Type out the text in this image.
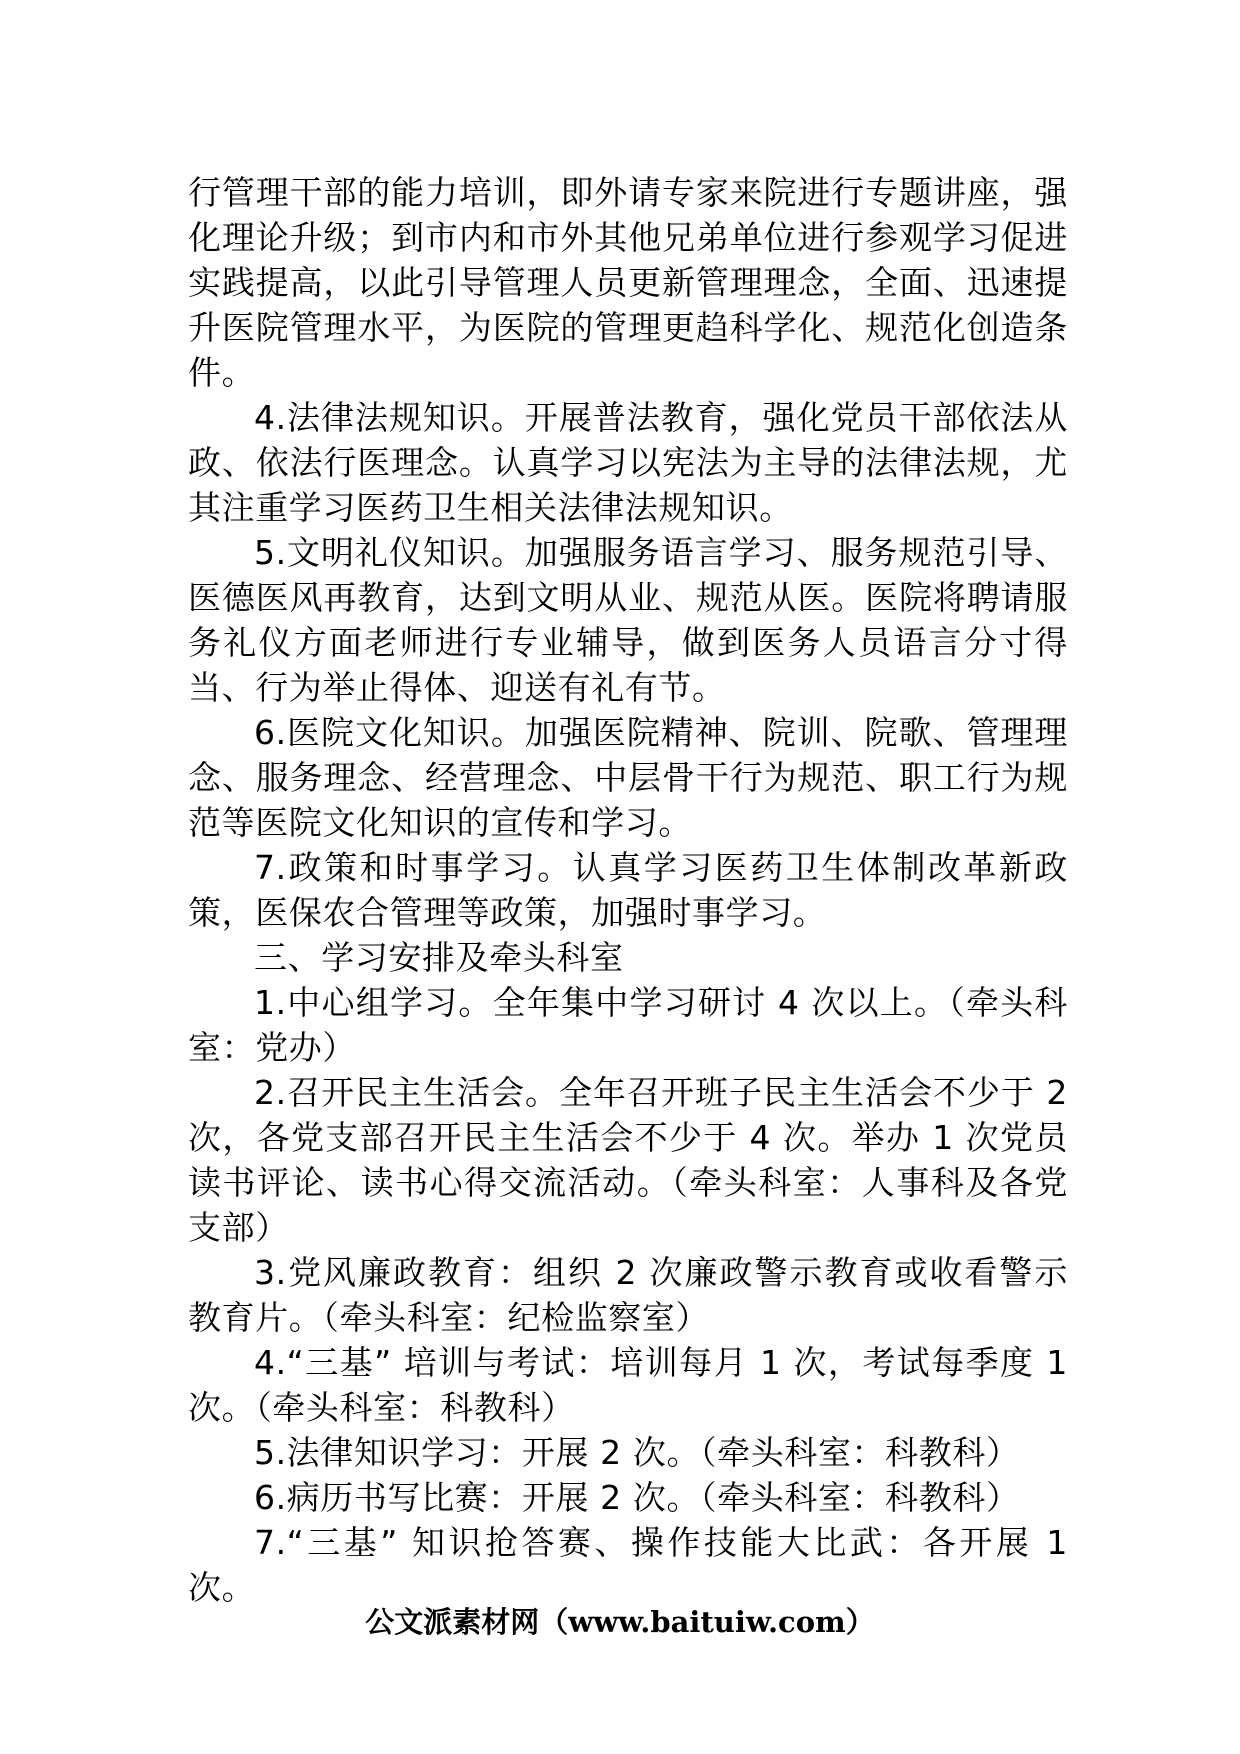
行管理干部的能力培训，即外请专家来院进行专题讲座，强化理论升级；到市内和市外其他兄弟单位进行参观学习促进实践提高，以此引导管理人员更新管理理念，全面、迅速提升医院管理水平，为医院的管理更趋科学化、规范化创造条件。

4.法律法规知识。开展普法教育，强化党员干部依法从政、依法行医理念。认真学习以宪法为主导的法律法规，尤其注重学习医药卫生相关法律法规知识。

5.文明礼仪知识。加强服务语言学习、服务规范引导、医德医风再教育，达到文明从业、规范从医。医院将聘请服务礼仪方面老师进行专业辅导，做到医务人员语言分寸得当、行为举止得体、迎送有礼有节。

6.医院文化知识。加强医院精神、院训、院歌、管理理念、服务理念、经营理念、中层骨干行为规范、职工行为规范等医院文化知识的宣传和学习。

7.政策和时事学习。认真学习医药卫生体制改革新政策，医保农合管理等政策，加强时事学习。

三、学习安排及牵头科室

1.中心组学习。全年集中学习研讨 4 次以上。（牵头科室：党办）

2.召开民主生活会。全年召开班子民主生活会不少于 2次，各党支部召开民主生活会不少于 4 次。举办 1 次党员读书评论、读书心得交流活动。（牵头科室：人事科及各党支部）

3.党风廉政教育：组织 2 次廉政警示教育或收看警示教育片。（牵头科室：纪检监察室）

4.“三基” 培训与考试：培训每月 1 次，考试每季度 1次。（牵头科室：科教科）

5.法律知识学习：开展 2 次。（牵头科室：科教科）

6.病历书写比赛：开展 2 次。（牵头科室：科教科）

7.“三基” 知识抢答赛、操作技能大比武：各开展 1 次。

公文派素材网（www.baituiw.com）
